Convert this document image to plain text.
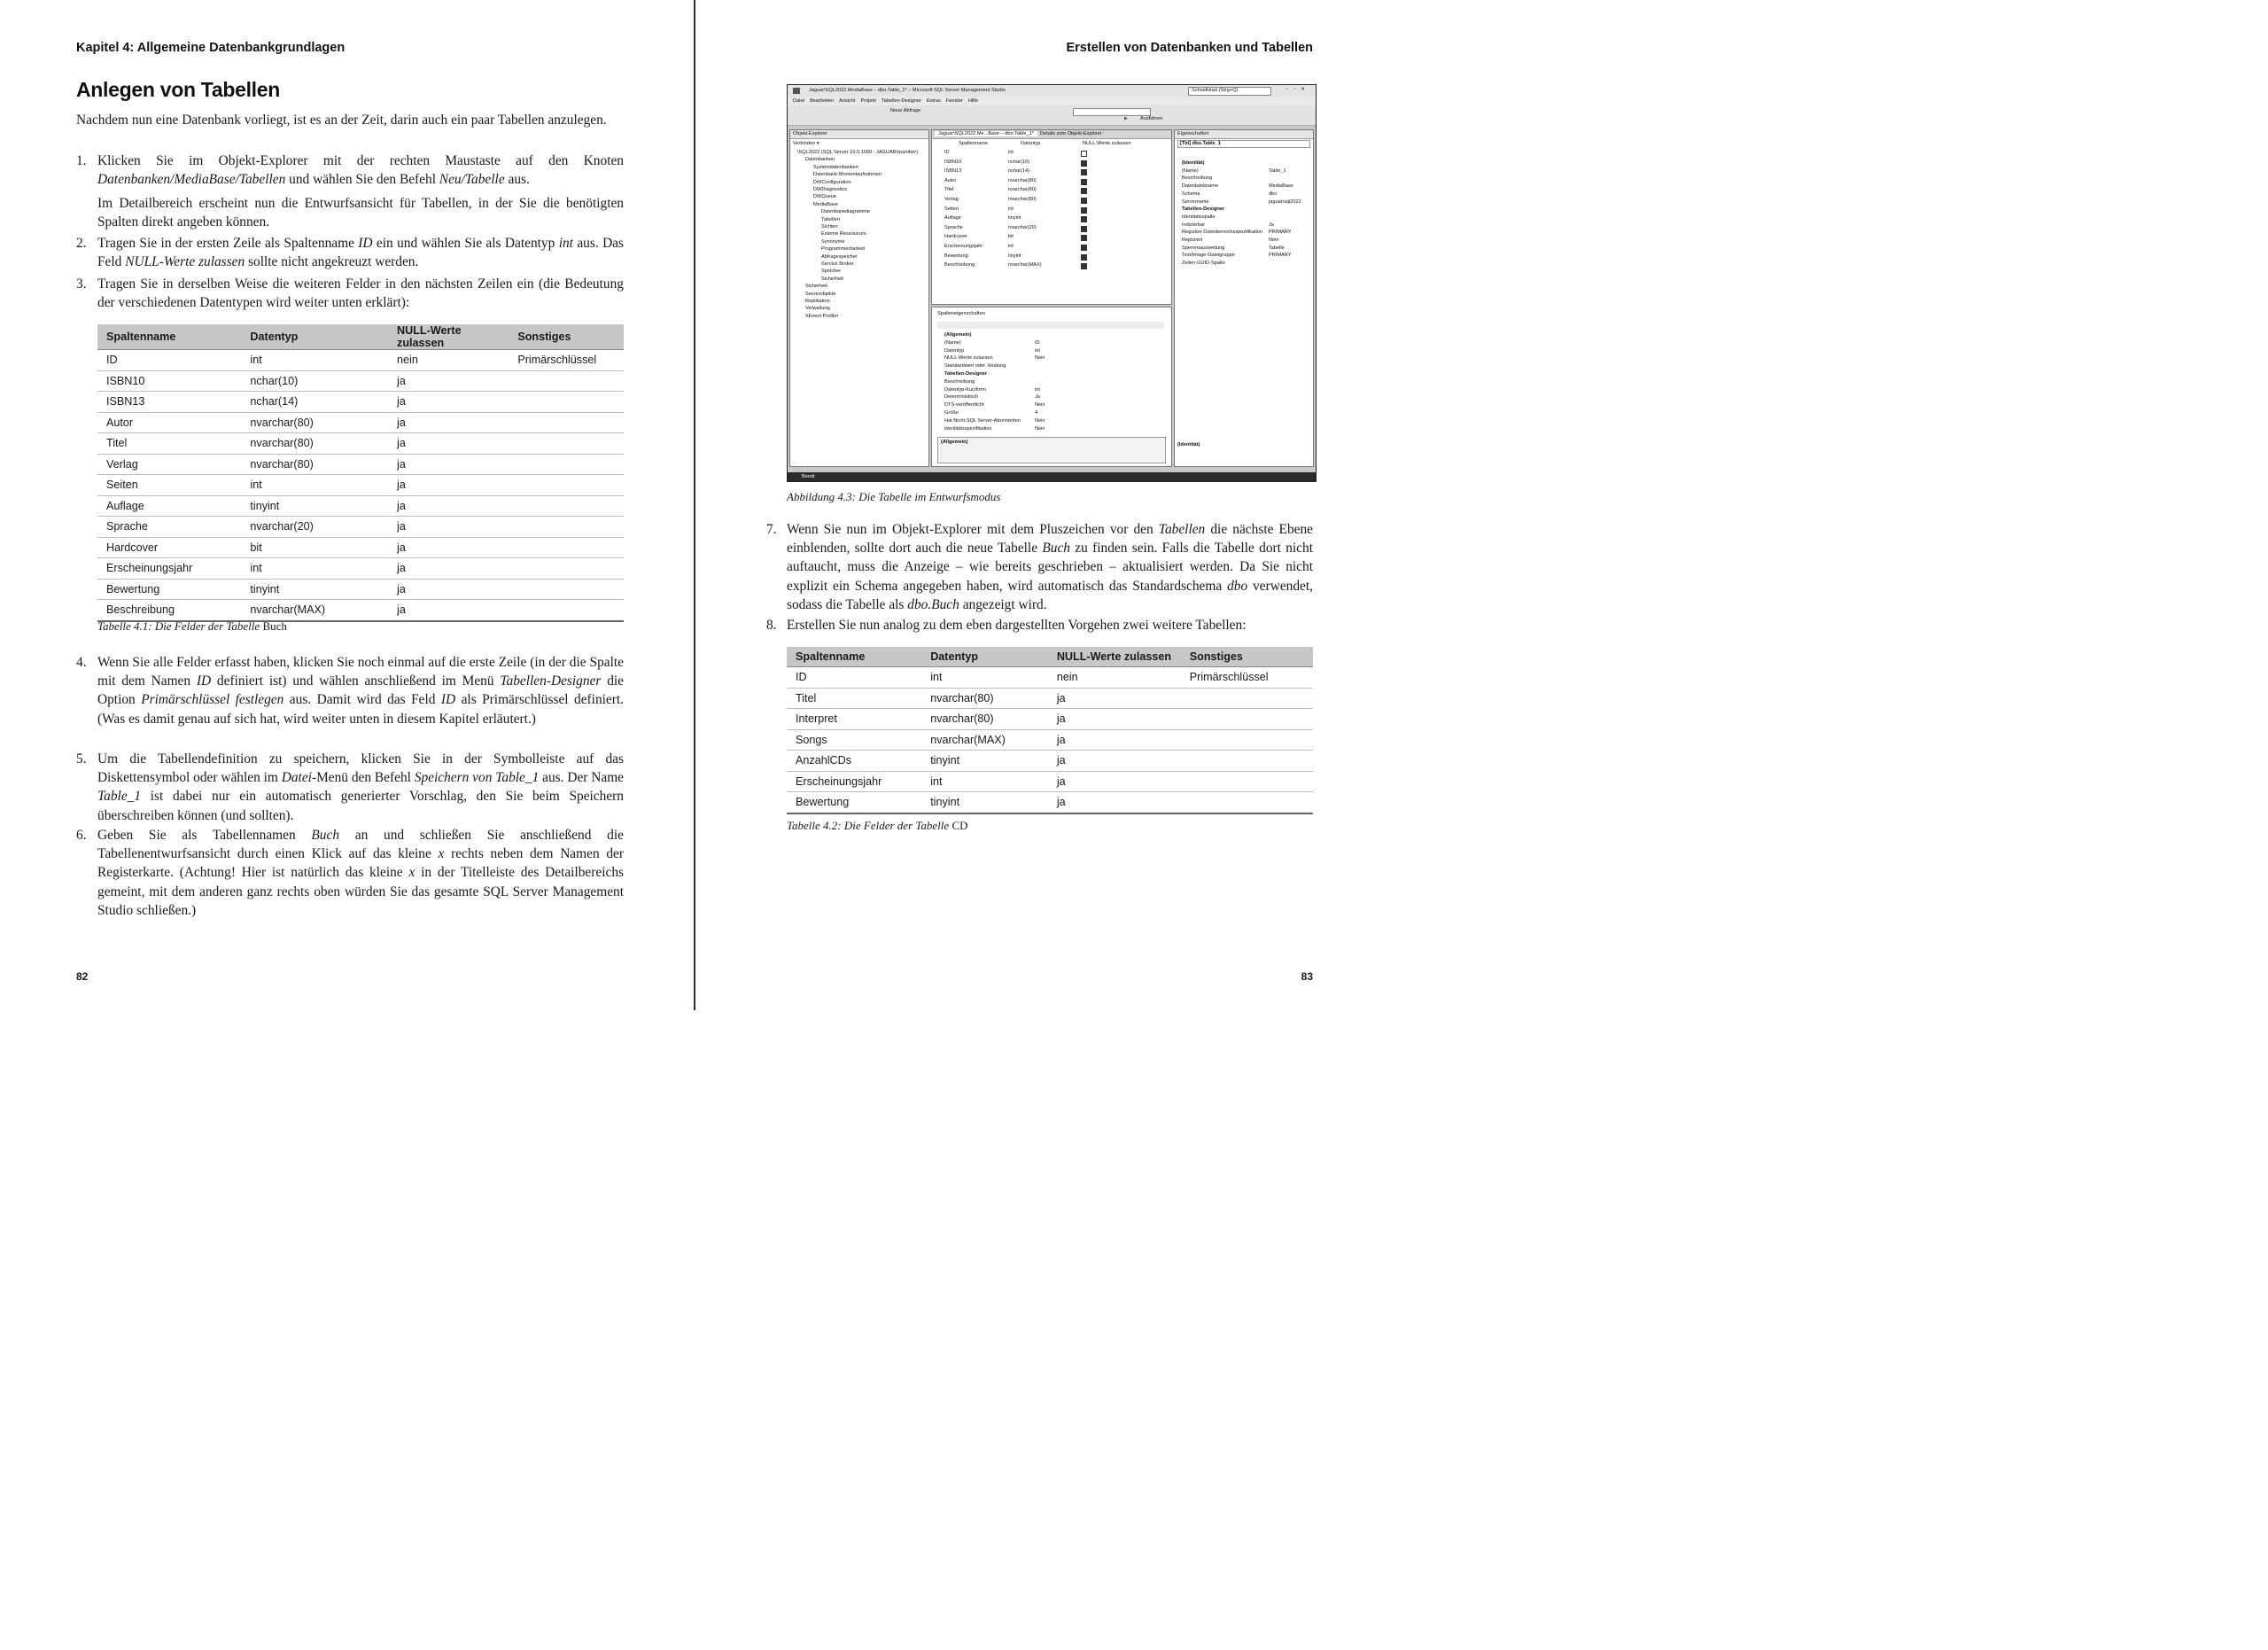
Kapitel 4: Allgemeine Datenbankgrundlagen
Anlegen von Tabellen

Nachdem nun eine Datenbank vorliegt, ist es an der Zeit, darin auch ein paar Tabellen anzulegen.

1. Klicken Sie im Objekt-Explorer mit der rechten Maustaste auf den Knoten Datenbanken/MediaBase/Tabellen und wählen Sie den Befehl Neu/Tabelle aus.

Im Detailbereich erscheint nun die Entwurfsansicht für Tabellen, in der Sie die benötigten Spalten direkt angeben können.

2. Tragen Sie in der ersten Zeile als Spaltenname ID ein und wählen Sie als Datentyp int aus. Das Feld NULL-Werte zulassen sollte nicht angekreuzt werden.

3. Tragen Sie in derselben Weise die weiteren Felder in den nächsten Zeilen ein (die Bedeutung der verschiedenen Datentypen wird weiter unten erklärt):

Spaltenname	Datentyp	NULL-Werte zulassen	Sonstiges
ID	int	nein	Primärschlüssel
ISBN10	nchar(10)	ja	
ISBN13	nchar(14)	ja	
Autor	nvarchar(80)	ja	
Titel	nvarchar(80)	ja	
Verlag	nvarchar(80)	ja	
Seiten	int	ja	
Auflage	tinyint	ja	
Sprache	nvarchar(20)	ja	
Hardcover	bit	ja	
Erscheinungsjahr	int	ja	
Bewertung	tinyint	ja	
Beschreibung	nvarchar(MAX)	ja	
Tabelle 4.1: Die Felder der Tabelle Buch
4. Wenn Sie alle Felder erfasst haben, klicken Sie noch einmal auf die erste Zeile (in der die Spalte mit dem Namen ID definiert ist) und wählen anschließend im Menü Tabellen-Designer die Option Primärschlüssel festlegen aus. Damit wird das Feld ID als Primärschlüssel definiert. (Was es damit genau auf sich hat, wird weiter unten in diesem Kapitel erläutert.)

5. Um die Tabellendefinition zu speichern, klicken Sie in der Symbolleiste auf das Diskettensymbol oder wählen im Datei-Menü den Befehl Speichern von Table_1 aus. Der Name Table_1 ist dabei nur ein automatisch generierter Vorschlag, den Sie beim Speichern überschreiben können (und sollten).

6. Geben Sie als Tabellennamen Buch an und schließen Sie anschließend die Tabellenentwurfsansicht durch einen Klick auf das kleine x rechts neben dem Namen der Registerkarte. (Achtung! Hier ist natürlich das kleine x in der Titelleiste des Detailbereichs gemeint, mit dem anderen ganz rechts oben würden Sie das gesamte SQL Server Management Studio schließen.)

82
Erstellen von Datenbanken und Tabellen
83
Jaguar\SQL2022.MediaBase – dbo.Table_1* – Microsoft SQL Server Management Studio	Schnellstart (Strg+Q)	‒▫✕
Datei Bearbeiten Ansicht Projekt Tabellen-Designer Extras Fenster Hilfe
Neue Abfrage
▶ Ausführen
Objekt-Explorer
Verbinden ▾
\SQL2022 (SQL Server 16.0.1000 - JAGUAR\rpanther)
Datenbanken
Systemdatenbanken
Datenbank-Momentaufnahmen
DWConfiguration
DWDiagnostics
DWQueue
MediaBase
Datenbankdiagramme
Tabellen
Sichten
Externe Ressourcen
Synonyme
Programmierbarkeit
Abfragespeicher
Service Broker
Speicher
Sicherheit
Sicherheit
Serverobjekte
Replikation
Verwaltung
XEvent Profiler
Jaguar\SQL2022.Me...Base – dbo.Table_1*	Details zum Objekt-Explorer
Spaltenname	Datentyp	NULL-Werte zulassen
ID	int
ISBN10	nchar(10)
ISBN13	nchar(14)
Autor	nvarchar(80)
Titel	nvarchar(80)
Verlag	nvarchar(80)
Seiten	int
Auflage	tinyint
Sprache	nvarchar(20)
Hardcover	bit
Erscheinungsjahr	int
Bewertung	tinyint
Beschreibung	nvarchar(MAX)
Spalteneigenschaften
(Allgemein)
(Name)	ID
Datentyp	int
NULL-Werte zulassen	Nein
Standardwert oder -bindung
Tabellen-Designer
Beschreibung
Datentyp-Kurzform	int
Deterministisch	Ja
DTS-veröffentlicht	Nein
Größe	4
Hat Nicht-SQL Server-Abonnenten	Nein
Identitätsspezifikation	Nein
(Allgemein)
Eigenschaften
[Tbl] dbo.Table_1
(Identität)
(Name)	Table_1
Beschreibung
Datenbankname	MediaBase
Schema	dbo
Servername	jaguar\sql2022
Tabellen-Designer
Identitätsspalte
Indizierbar	Ja
Reguläre Datenbereichsspezifikation PRIMARY
Repliziert	Nein
Sperrenausweitung	Tabelle
Text/Image-Dateigruppe	PRIMARY
Zeilen-GUID-Spalte
(Identität)
Bereit
Abbildung 4.3: Die Tabelle im Entwurfsmodus
7. Wenn Sie nun im Objekt-Explorer mit dem Pluszeichen vor den Tabellen die nächste Ebene einblenden, sollte dort auch die neue Tabelle Buch zu finden sein. Falls die Tabelle dort nicht auftaucht, muss die Anzeige – wie bereits geschrieben – aktualisiert werden. Da Sie nicht explizit ein Schema angegeben haben, wird automatisch das Standardschema dbo verwendet, sodass die Tabelle als dbo.Buch angezeigt wird.

8. Erstellen Sie nun analog zu dem eben dargestellten Vorgehen zwei weitere Tabellen:

Spaltenname	Datentyp	NULL-Werte zulassen	Sonstiges
ID	int	nein	Primärschlüssel
Titel	nvarchar(80)	ja	
Interpret	nvarchar(80)	ja	
Songs	nvarchar(MAX)	ja	
AnzahlCDs	tinyint	ja	
Erscheinungsjahr	int	ja	
Bewertung	tinyint	ja	
Tabelle 4.2: Die Felder der Tabelle CD
